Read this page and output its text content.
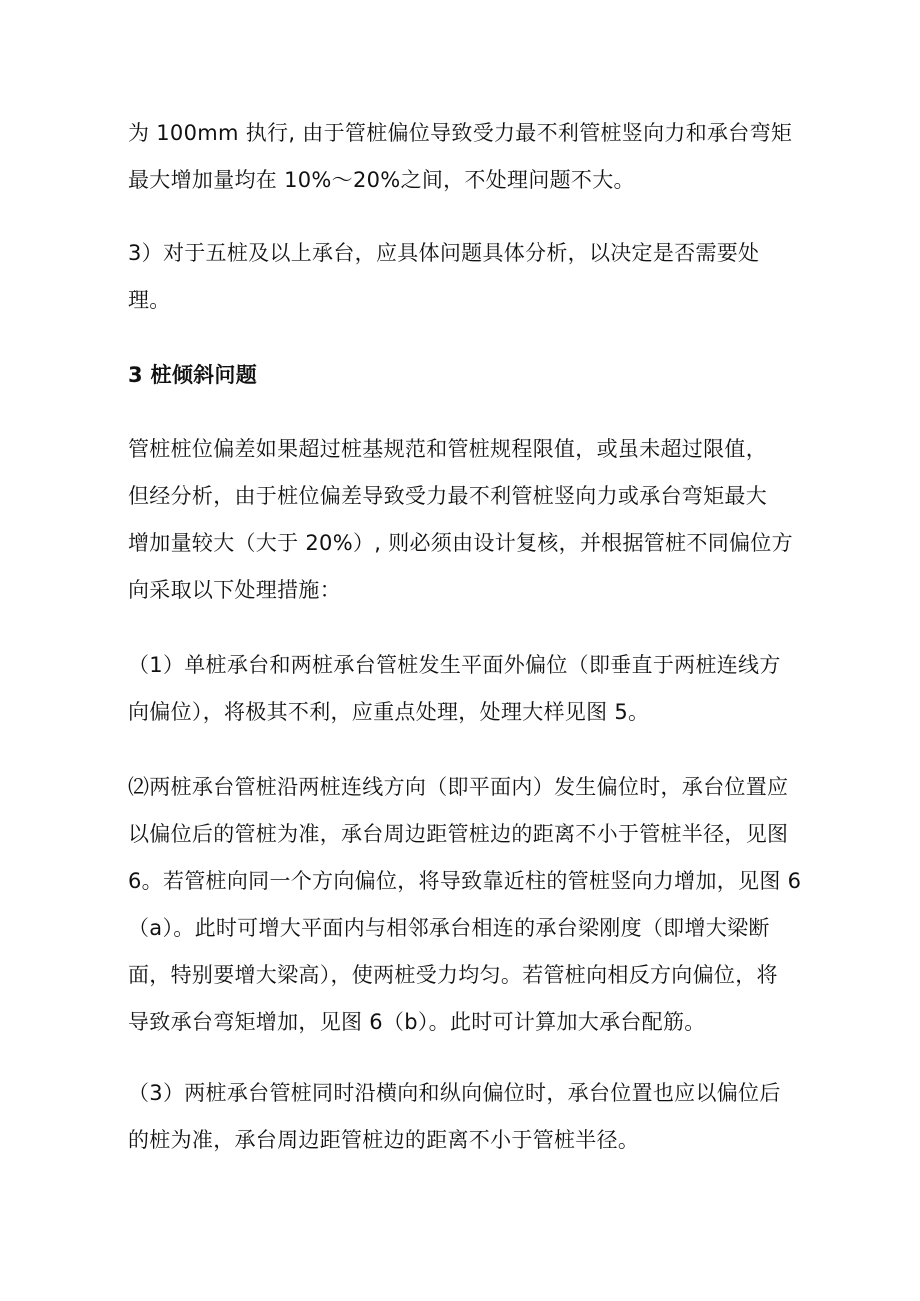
为 100mm 执行, 由于管桩偏位导致受力最不利管桩竖向力和承台弯矩
最大增加量均在 10%～20%之间，不处理问题不大。

3）对于五桩及以上承台，应具体问题具体分析，以决定是否需要处
理。

3 桩倾斜问题

管桩桩位偏差如果超过桩基规范和管桩规程限值，或虽未超过限值，
但经分析，由于桩位偏差导致受力最不利管桩竖向力或承台弯矩最大
增加量较大（大于 20%）, 则必须由设计复核，并根据管桩不同偏位方
向采取以下处理措施：

（1）单桩承台和两桩承台管桩发生平面外偏位（即垂直于两桩连线方
向偏位），将极其不利，应重点处理，处理大样见图 5。

⑵两桩承台管桩沿两桩连线方向（即平面内）发生偏位时，承台位置应
以偏位后的管桩为准，承台周边距管桩边的距离不小于管桩半径，见图
6。若管桩向同一个方向偏位，将导致靠近柱的管桩竖向力增加，见图 6
（a）。此时可增大平面内与相邻承台相连的承台梁刚度（即增大梁断
面，特别要增大梁高），使两桩受力均匀。若管桩向相反方向偏位，将
导致承台弯矩增加，见图 6（b）。此时可计算加大承台配筋。

（3）两桩承台管桩同时沿横向和纵向偏位时，承台位置也应以偏位后
的桩为准，承台周边距管桩边的距离不小于管桩半径。
